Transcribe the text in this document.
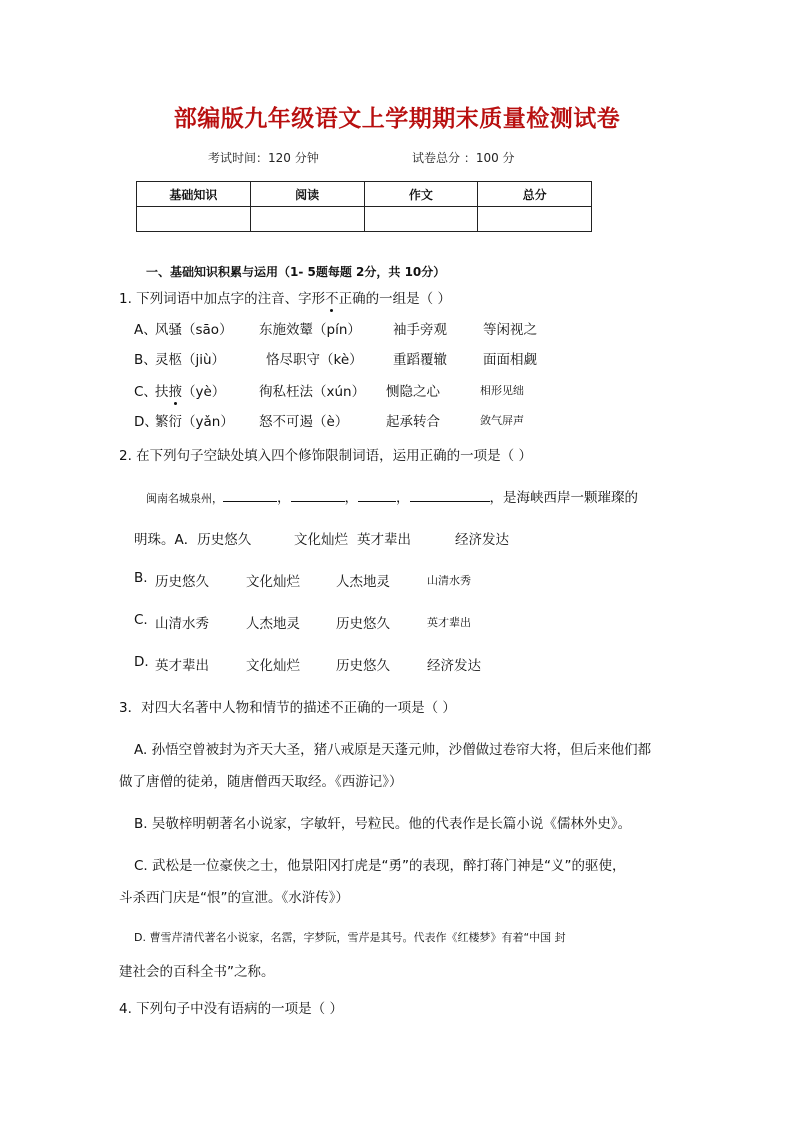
部编版九年级语文上学期期末质量检测试卷
考试时间：120 分钟	试卷总分 ：100 分
基础知识	阅读	作文	总分

一、基础知识积累与运用（1- 5题每题 2分，共 10分）
1. 下列词语中加点字的注音、字形不正确的一组是（ ）
A、
风骚（sāo） 东施效颦（pín） 袖手旁观	等闲视之
B、
灵柩（jiù）	恪尽职守（kè） 重蹈覆辙	面面相觑
C、
扶掖（yè） 徇私枉法（xún） 恻隐之心	相形见绌
D、
繁衍（yǎn） 怒不可遏（è）	起承转合	敛气屏声
2. 在下列句子空缺处填入四个修饰限制词语，运用正确的一项是（ ）
闽南名城泉州，	，	，	，	，是海峡西岸一颗璀璨的
明珠。A．历史悠久	文化灿烂 英才辈出	经济发达
B. 历史悠久	文化灿烂	人杰地灵	山清水秀
C. 山清水秀	人杰地灵	历史悠久	英才辈出
D. 英才辈出	文化灿烂	历史悠久	经济发达
3．对四大名著中人物和情节的描述不正确的一项是（ ）
A. 孙悟空曾被封为齐天大圣，猪八戒原是天蓬元帅，沙僧做过卷帘大将，但后来他们都
做了唐僧的徒弟，随唐僧西天取经。《西游记》）
B. 吴敬梓明朝著名小说家，字敏轩，号粒民。他的代表作是长篇小说《儒林外史》。
C. 武松是一位豪侠之士，他景阳冈打虎是“勇”的表现，醉打蒋门神是“义”的驱使，
斗杀西门庆是“恨”的宣泄。《水浒传》）
D. 曹雪芹清代著名小说家，名霑，字梦阮，雪芹是其号。代表作《红楼梦》有着“中国 封
建社会的百科全书”之称。
4. 下列句子中没有语病的一项是（ ）
